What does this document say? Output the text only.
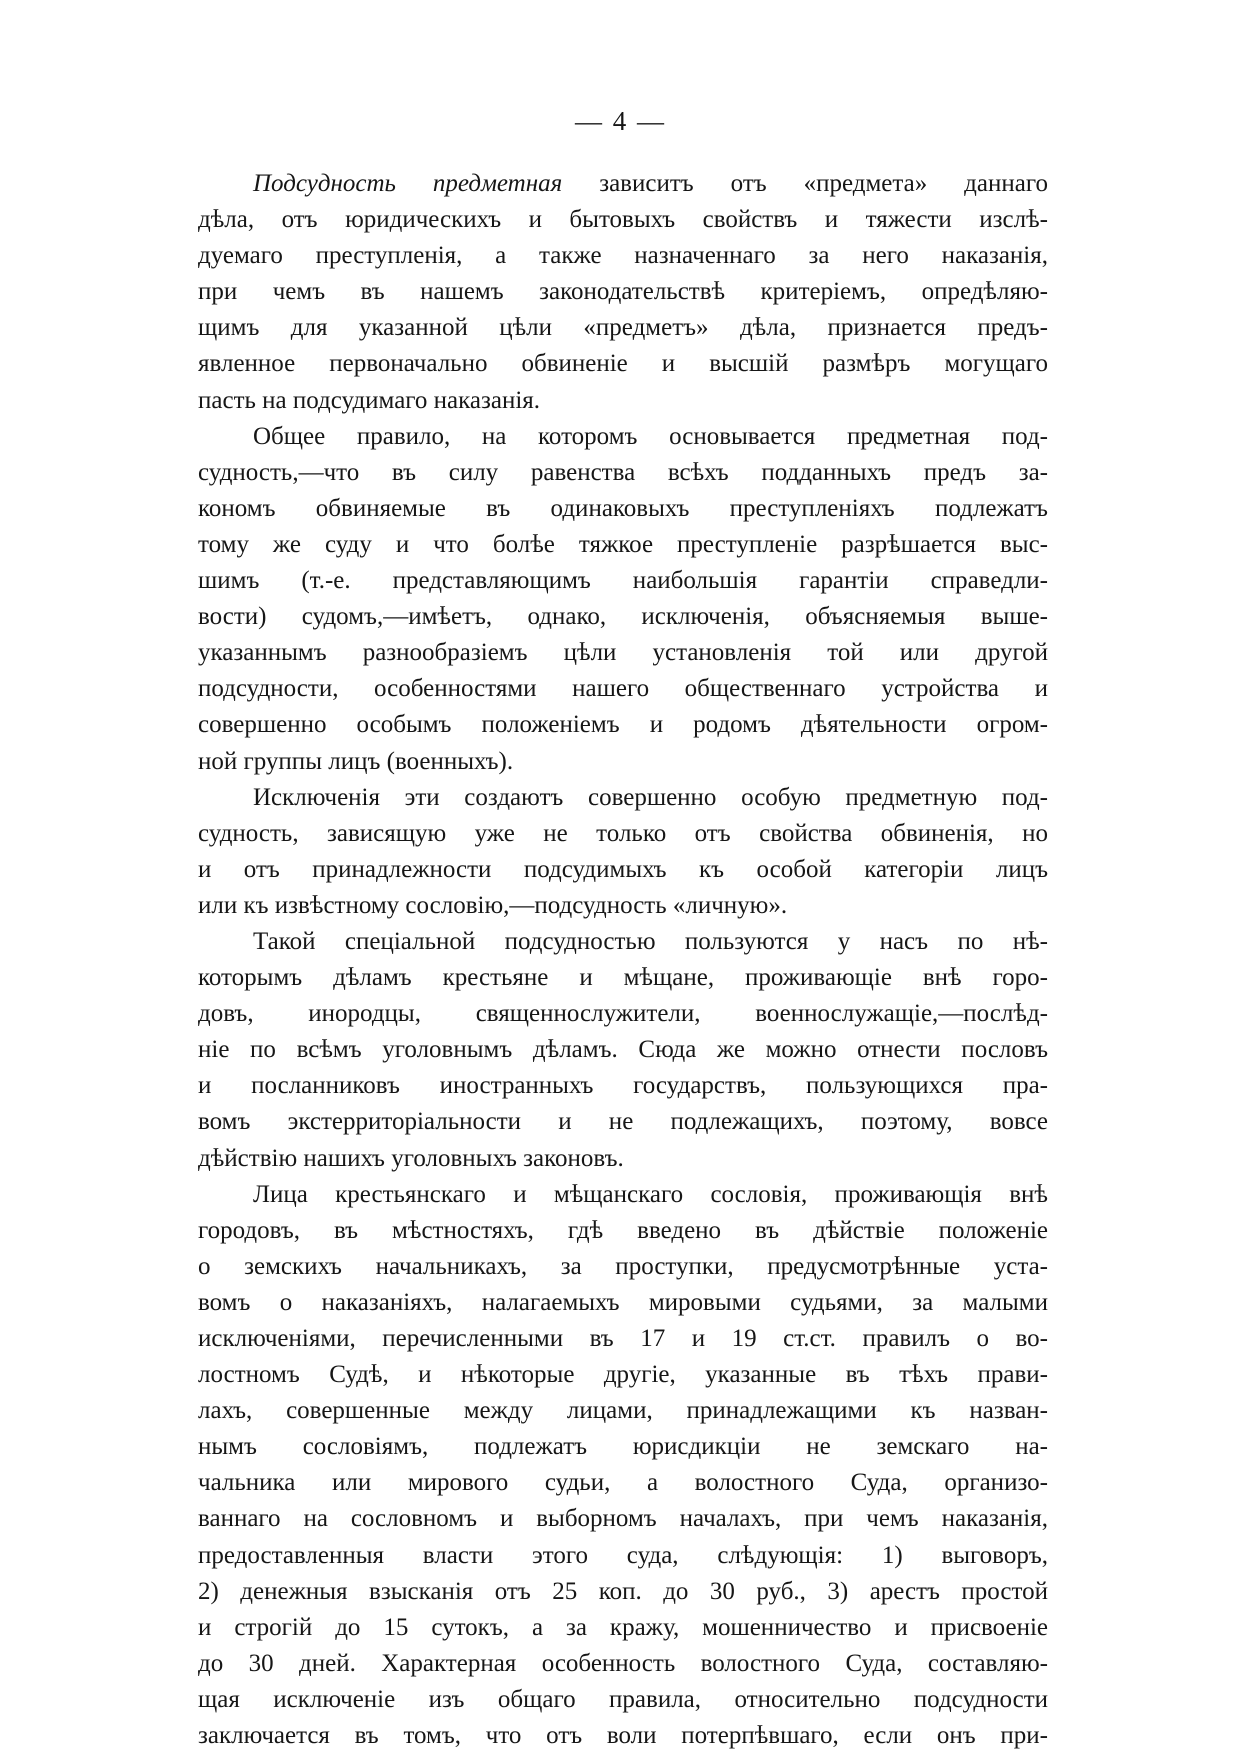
— 4 —
Подсудность предметная зависитъ отъ «предмета» даннаго
дѣла, отъ юридическихъ и бытовыхъ свойствъ и тяжести изслѣ-
дуемаго преступленія, а также назначеннаго за него наказанія,
при чемъ въ нашемъ законодательствѣ критеріемъ, опредѣляю-
щимъ для указанной цѣли «предметъ» дѣла, признается предъ-
явленное первоначально обвиненіе и высшій размѣръ могущаго
пасть на подсудимаго наказанія.
Общее правило, на которомъ основывается предметная под-
судность,—что въ силу равенства всѣхъ подданныхъ предъ за-
кономъ обвиняемые въ одинаковыхъ преступленіяхъ подлежатъ
тому же суду и что болѣе тяжкое преступленіе разрѣшается выс-
шимъ (т.-е. представляющимъ наибольшія гарантіи справедли-
вости) судомъ,—имѣетъ, однако, исключенія, объясняемыя выше-
указаннымъ разнообразіемъ цѣли установленія той или другой
подсудности, особенностями нашего общественнаго устройства и
совершенно особымъ положеніемъ и родомъ дѣятельности огром-
ной группы лицъ (военныхъ).
Исключенія эти создаютъ совершенно особую предметную под-
судность, зависящую уже не только отъ свойства обвиненія, но
и отъ принадлежности подсудимыхъ къ особой категоріи лицъ
или къ извѣстному сословію,—подсудность «личную».
Такой спеціальной подсудностью пользуются у насъ по нѣ-
которымъ дѣламъ крестьяне и мѣщане, проживающіе внѣ горо-
довъ, инородцы, священнослужители, военнослужащіе,—послѣд-
ніе по всѣмъ уголовнымъ дѣламъ. Сюда же можно отнести пословъ
и посланниковъ иностранныхъ государствъ, пользующихся пра-
вомъ экстерриторіальности и не подлежащихъ, поэтому, вовсе
дѣйствію нашихъ уголовныхъ законовъ.
Лица крестьянскаго и мѣщанскаго сословія, проживающія внѣ
городовъ, въ мѣстностяхъ, гдѣ введено въ дѣйствіе положеніе
о земскихъ начальникахъ, за проступки, предусмотрѣнные уста-
вомъ о наказаніяхъ, налагаемыхъ мировыми судьями, за малыми
исключеніями, перечисленными въ 17 и 19 ст.ст. правилъ о во-
лостномъ Судѣ, и нѣкоторые другіе, указанные въ тѣхъ прави-
лахъ, совершенные между лицами, принадлежащими къ назван-
нымъ сословіямъ, подлежатъ юрисдикціи не земскаго на-
чальника или мирового судьи, а волостного Суда, организо-
ваннаго на сословномъ и выборномъ началахъ, при чемъ наказанія,
предоставленныя власти этого суда, слѣдующія: 1) выговоръ,
2) денежныя взысканія отъ 25 коп. до 30 руб., 3) арестъ простой
и строгій до 15 сутокъ, а за кражу, мошенничество и присвоеніе
до 30 дней. Характерная особенность волостного Суда, составляю-
щая исключеніе изъ общаго правила, относительно подсудности
заключается въ томъ, что отъ воли потерпѣвшаго, если онъ при-
